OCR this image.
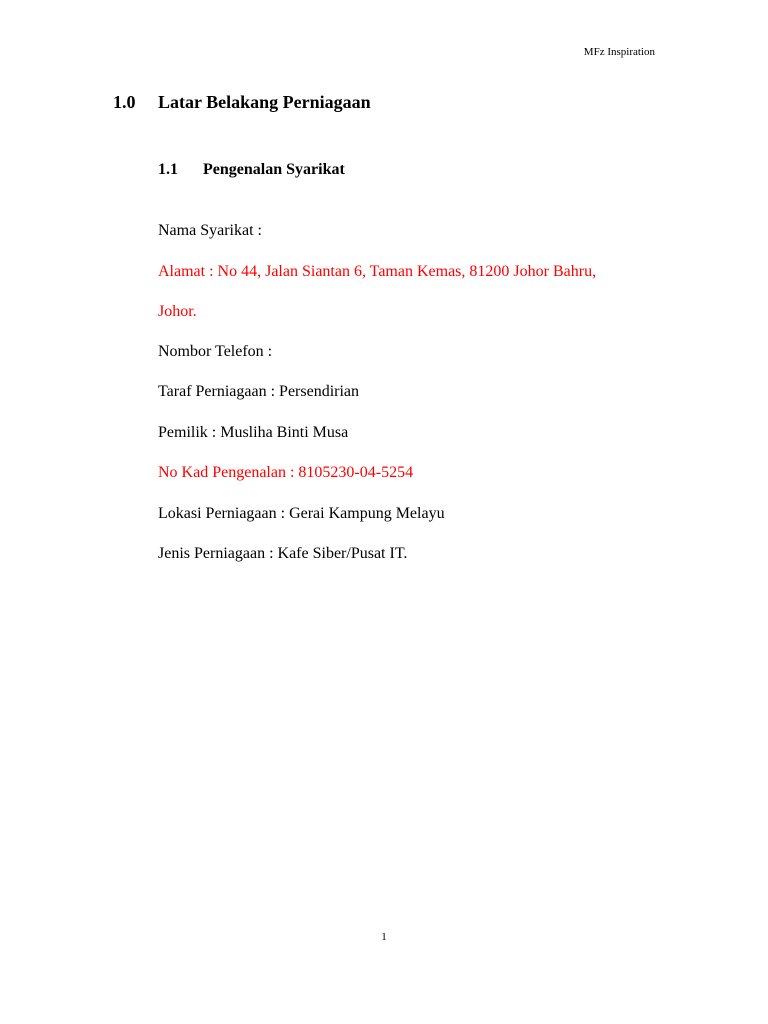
MFz Inspiration
1.0 Latar Belakang Perniagaan
1.1 Pengenalan Syarikat
Nama Syarikat :
Alamat : No 44, Jalan Siantan 6, Taman Kemas, 81200 Johor Bahru,
Johor.
Nombor Telefon :
Taraf Perniagaan : Persendirian
Pemilik : Musliha Binti Musa
No Kad Pengenalan : 8105230-04-5254
Lokasi Perniagaan : Gerai Kampung Melayu
Jenis Perniagaan : Kafe Siber/Pusat IT.
1
